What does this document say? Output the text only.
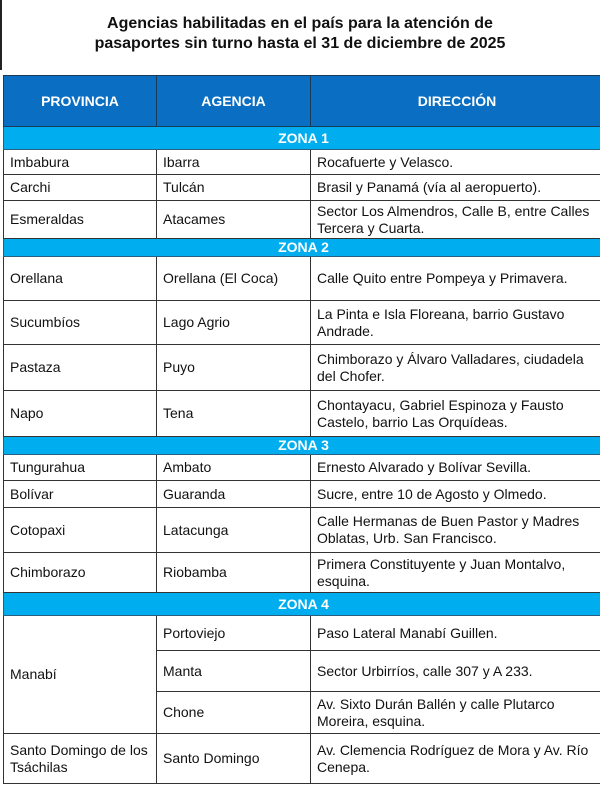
Agencias habilitadas en el país para la atención de
pasaportes sin turno hasta el 31 de diciembre de 2025
PROVINCIA	AGENCIA	DIRECCIÓN
ZONA 1		
Imbabura	Ibarra	Rocafuerte y Velasco.
Carchi	Tulcán	Brasil y Panamá (vía al aeropuerto).
Esmeraldas	Atacames	Sector Los Almendros, Calle B, entre Calles Tercera y Cuarta.
ZONA 2		
Orellana	Orellana (El Coca)	Calle Quito entre Pompeya y Primavera.
Sucumbíos	Lago Agrio	La Pinta e Isla Floreana, barrio Gustavo Andrade.
Pastaza	Puyo	Chimborazo y Álvaro Valladares, ciudadela del Chofer.
Napo	Tena	Chontayacu, Gabriel Espinoza y Fausto Castelo, barrio Las Orquídeas.
ZONA 3		
Tungurahua	Ambato	Ernesto Alvarado y Bolívar Sevilla.
Bolívar	Guaranda	Sucre, entre 10 de Agosto y Olmedo.
Cotopaxi	Latacunga	Calle Hermanas de Buen Pastor y Madres Oblatas, Urb. San Francisco.
Chimborazo	Riobamba	Primera Constituyente y Juan Montalvo, esquina.
ZONA 4		
Manabí	Portoviejo	Paso Lateral Manabí Guillen.
	Manta	Sector Urbirríos, calle 307 y A 233.
	Chone	Av. Sixto Durán Ballén y calle Plutarco Moreira, esquina.
Santo Domingo de los Tsáchilas	Santo Domingo	Av. Clemencia Rodríguez de Mora y Av. Río Cenepa.
